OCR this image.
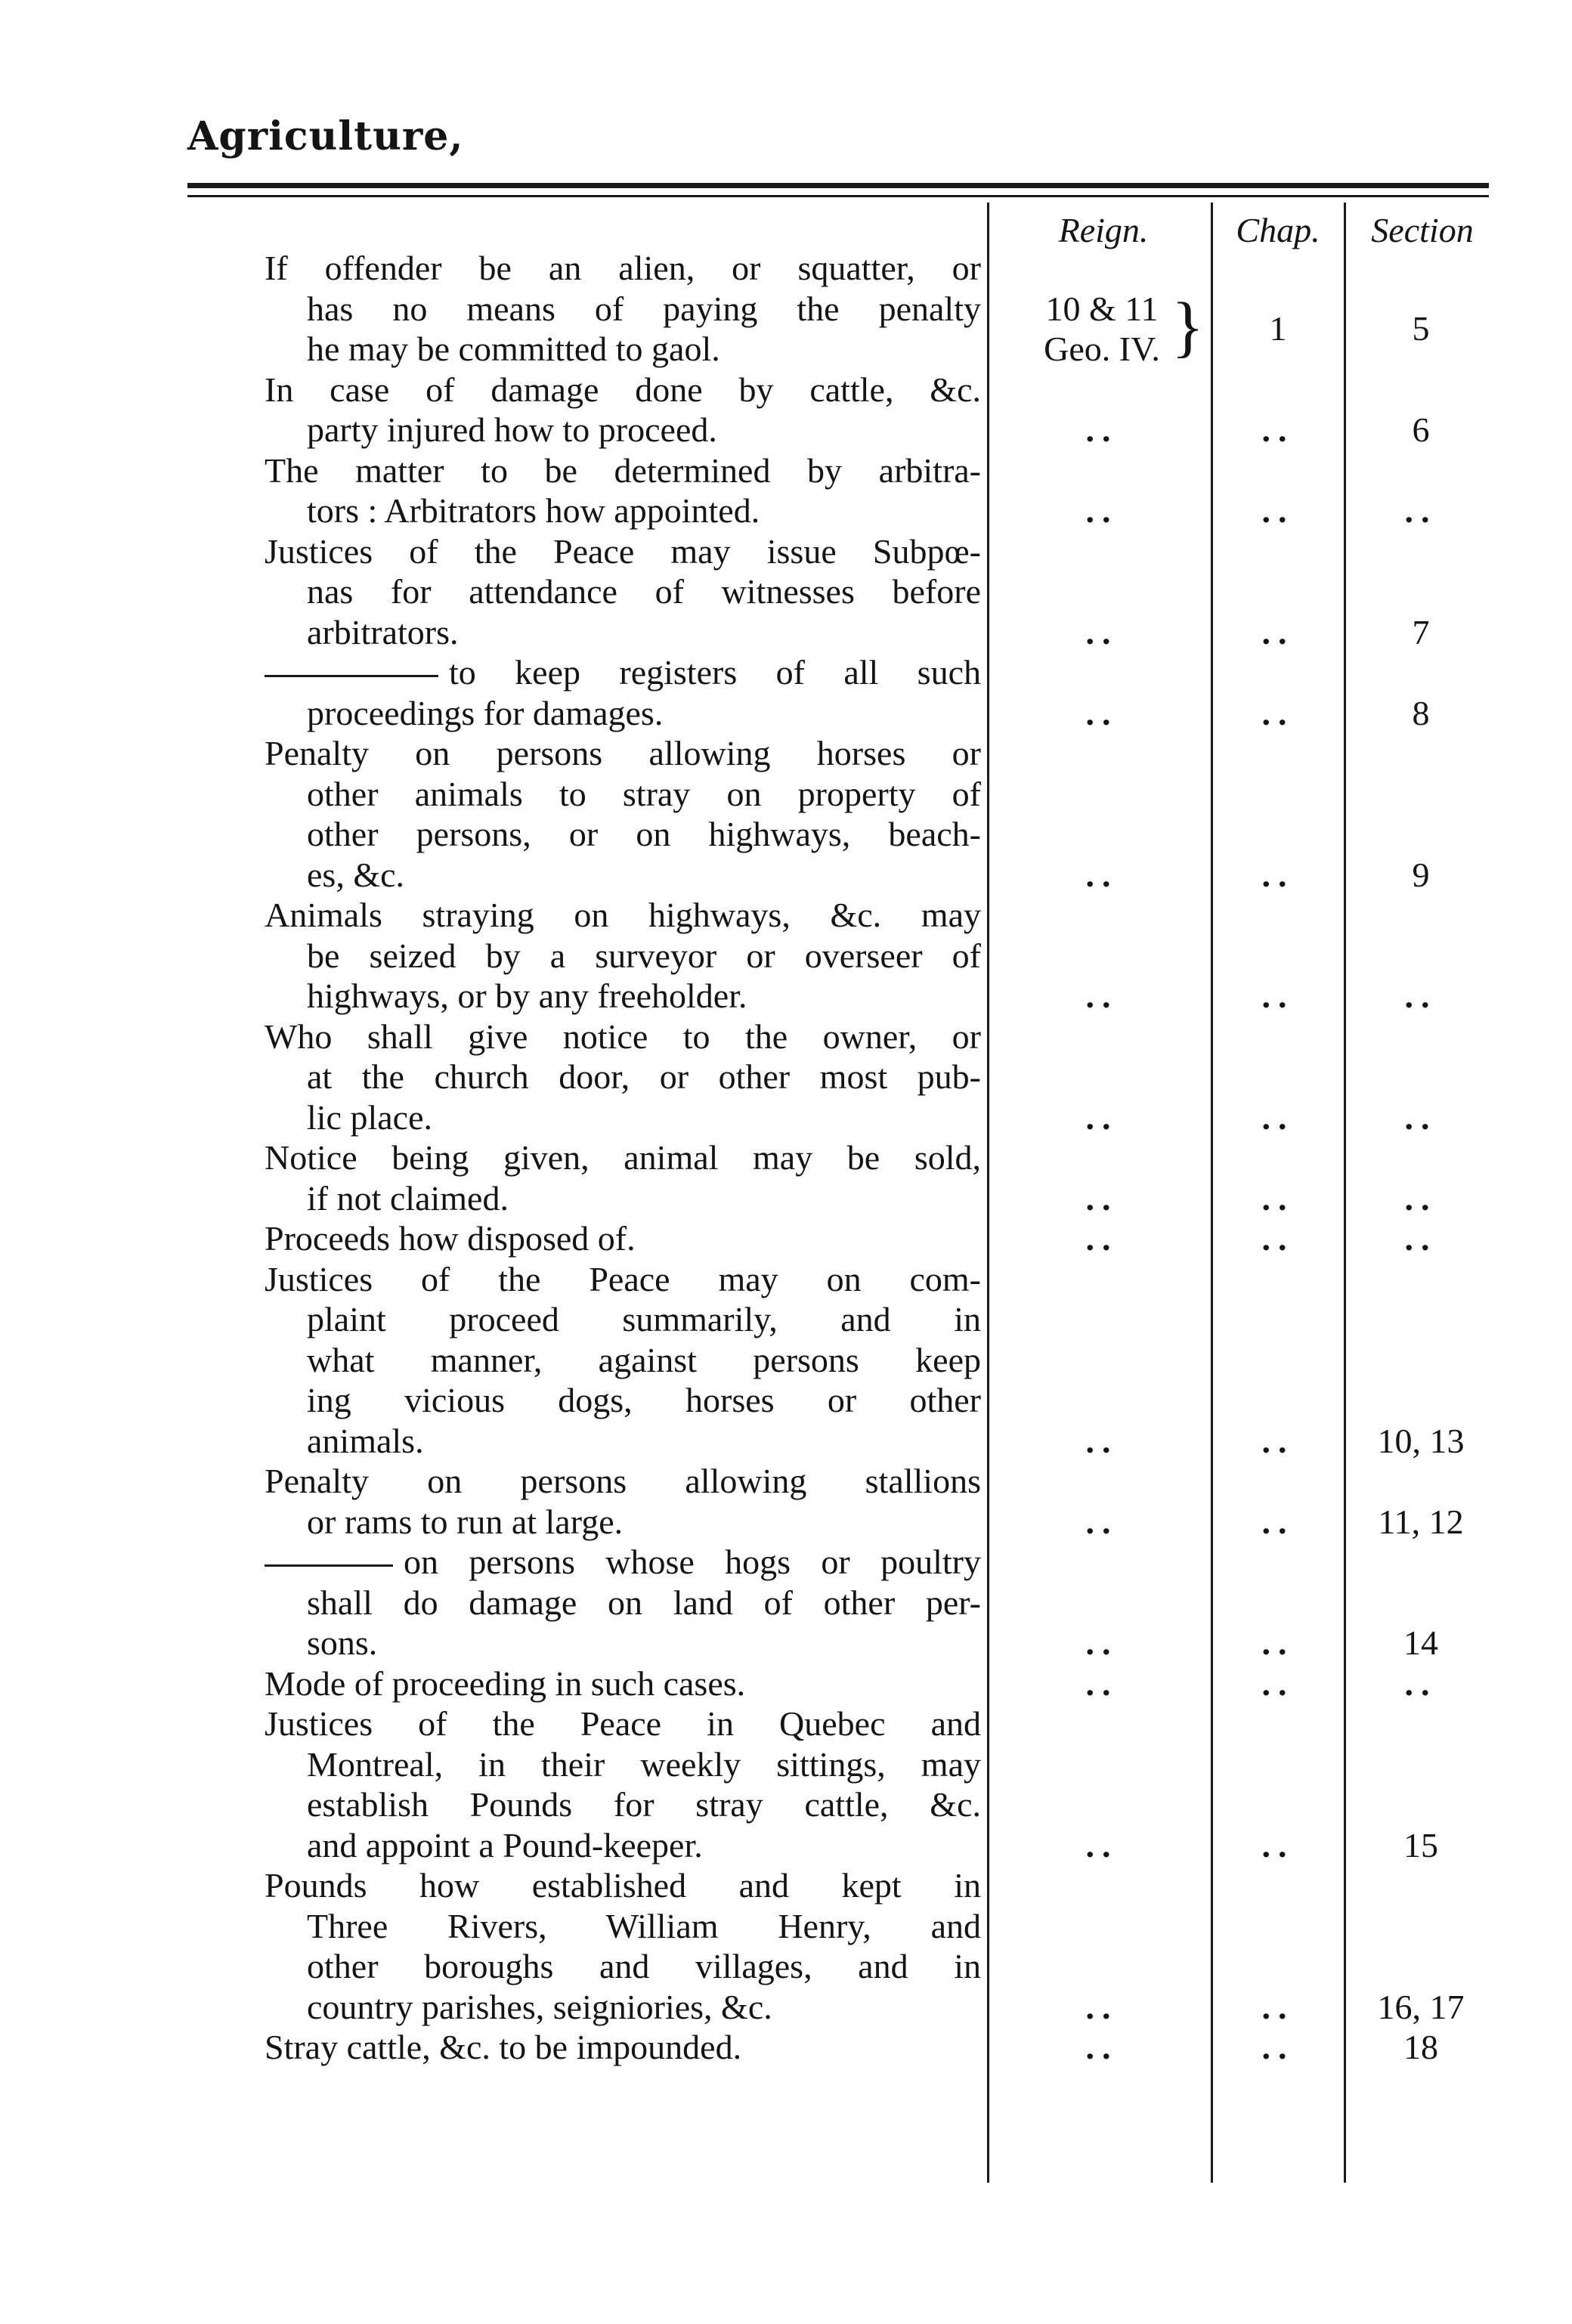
Agriculture,
Reign.	Chap.	Section
If offender be an alien, or squatter, or
has no means of paying the penalty
he may be committed to gaol.
10 & 11
Geo. IV. }	1	5
In case of damage done by cattle, &c.
party injured how to proceed.	..	..	6
The matter to be determined by arbitra-
tors : Arbitrators how appointed.	..	..	..
Justices of the Peace may issue Subpœ-
nas for attendance of witnesses before
arbitrators.	..	..	7
to keep registers of all such
proceedings for damages.	..	..	8
Penalty on persons allowing horses or
other animals to stray on property of
other persons, or on highways, beach-
es, &c.	..	..	9
Animals straying on highways, &c. may
be seized by a surveyor or overseer of
highways, or by any freeholder.	..	..	..
Who shall give notice to the owner, or
at the church door, or other most pub-
lic place.	..	..	..
Notice being given, animal may be sold,
if not claimed.	..	..	..
Proceeds how disposed of.	..	..	..
Justices of the Peace may on com-
plaint proceed summarily, and in
what manner, against persons keep
ing vicious dogs, horses or other
animals.	..	..	10, 13
Penalty on persons allowing stallions
or rams to run at large.	..	..	11, 12
on persons whose hogs or poultry
shall do damage on land of other per-
sons.	..	..	14
Mode of proceeding in such cases.	..	..	..
Justices of the Peace in Quebec and
Montreal, in their weekly sittings, may
establish Pounds for stray cattle, &c.
and appoint a Pound-keeper.	..	..	15
Pounds how established and kept in
Three Rivers, William Henry, and
other boroughs and villages, and in
country parishes, seigniories, &c.	..	..	16, 17
Stray cattle, &c. to be impounded.	..	..	18
